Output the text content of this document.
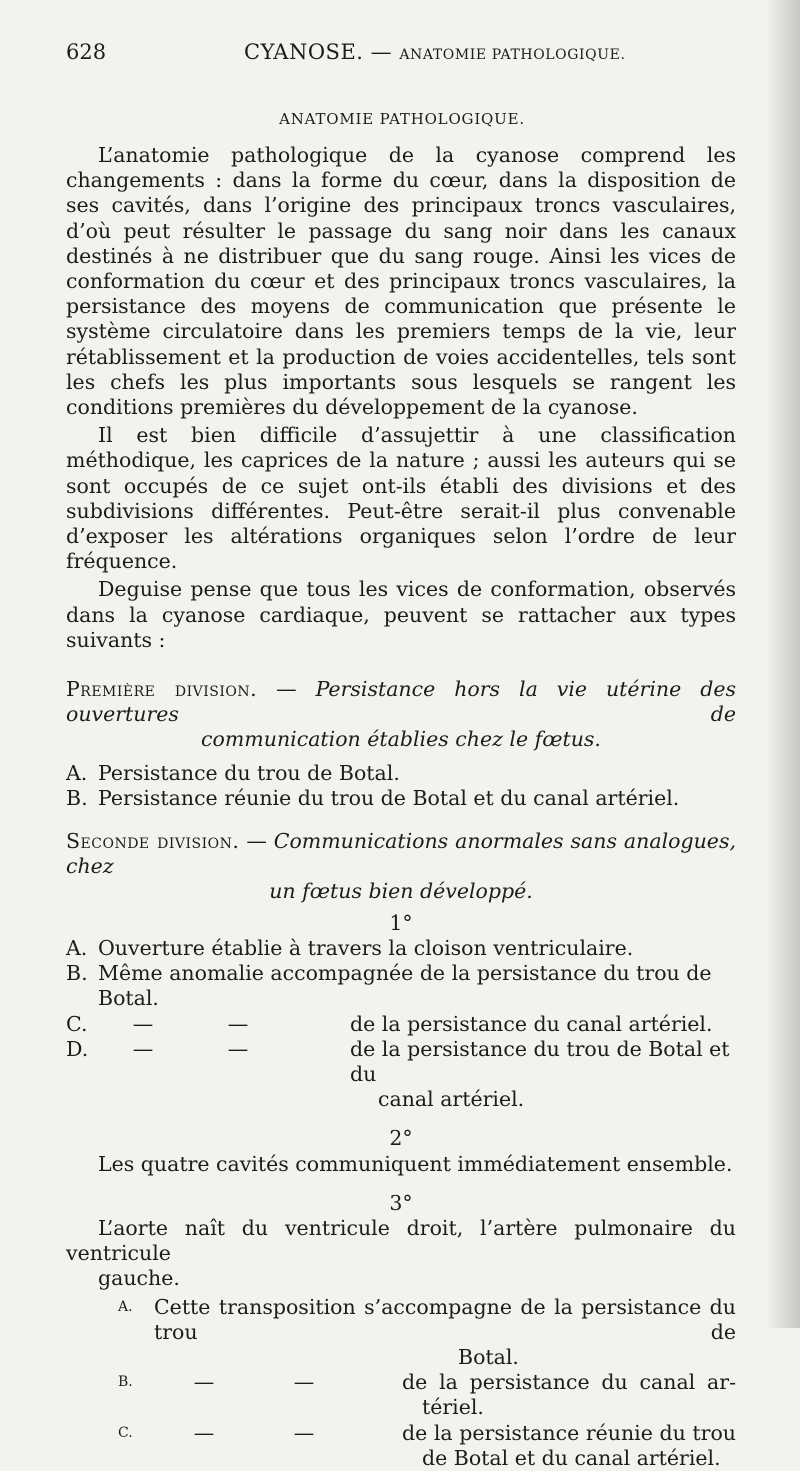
628	CYANOSE. — ANATOMIE PATHOLOGIQUE.
ANATOMIE PATHOLOGIQUE.

L’anatomie pathologique de la cyanose comprend les changements : dans la forme du cœur, dans la disposition de ses cavités, dans l’origine des principaux troncs vasculaires, d’où peut résulter le passage du sang noir dans les canaux destinés à ne distribuer que du sang rouge. Ainsi les vices de conformation du cœur et des principaux troncs vasculaires, la persistance des moyens de communication que présente le système circulatoire dans les premiers temps de la vie, leur rétablissement et la production de voies accidentelles, tels sont les chefs les plus importants sous lesquels se rangent les conditions premières du développement de la cyanose.

Il est bien difficile d’assujettir à une classification méthodique, les caprices de la nature ; aussi les auteurs qui se sont occupés de ce sujet ont-ils établi des divisions et des subdivisions différentes. Peut-être serait-il plus convenable d’exposer les altérations organiques selon l’ordre de leur fréquence.

Deguise pense que tous les vices de conformation, observés dans la cyanose cardiaque, peuvent se rattacher aux types suivants :

Première division. — Persistance hors la vie utérine des ouvertures de

communication établies chez le fœtus.

A. Persistance du trou de Botal.
B. Persistance réunie du trou de Botal et du canal artériel.

Seconde division. — Communications anormales sans analogues, chez

un fœtus bien développé.

1°
A. Ouverture établie à travers la cloison ventriculaire.
B. Même anomalie accompagnée de la persistance du trou de Botal.
C.	—	—	de la persistance du canal artériel.
D.	—	—	de la persistance du trou de Botal et du
canal artériel.
2°

Les quatre cavités communiquent immédiatement ensemble.

3°

L’aorte naît du ventricule droit, l’artère pulmonaire du ventricule

gauche.

A.	Cette transposition s’accompagne de la persistance du trou de
Botal.
B.	—	—	de la persistance du canal ar-
tériel.
C.	—	—	de la persistance réunie du trou
de Botal et du canal artériel.
